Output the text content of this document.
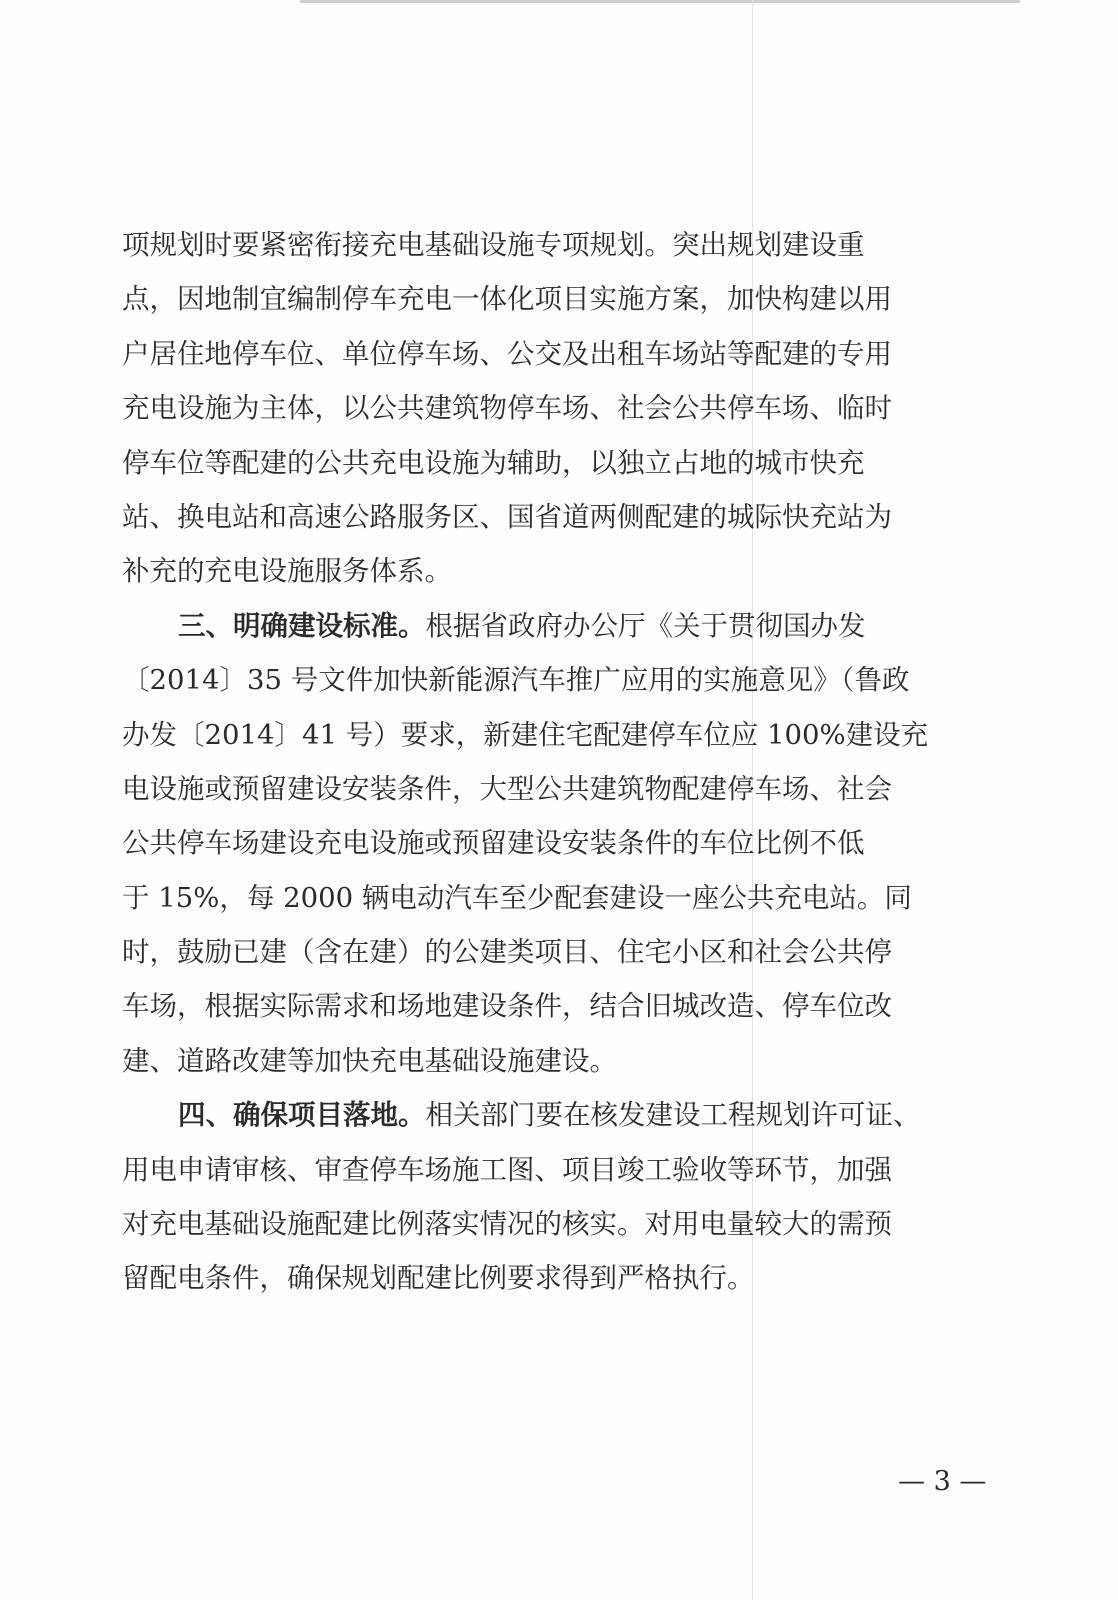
项规划时要紧密衔接充电基础设施专项规划。突出规划建设重
点，因地制宜编制停车充电一体化项目实施方案，加快构建以用
户居住地停车位、单位停车场、公交及出租车场站等配建的专用
充电设施为主体，以公共建筑物停车场、社会公共停车场、临时
停车位等配建的公共充电设施为辅助，以独立占地的城市快充
站、换电站和高速公路服务区、国省道两侧配建的城际快充站为
补充的充电设施服务体系。
三、明确建设标准。根据省政府办公厅《关于贯彻国办发
〔2014〕35 号文件加快新能源汽车推广应用的实施意见》（鲁政
办发〔2014〕41 号）要求，新建住宅配建停车位应 100%建设充
电设施或预留建设安装条件，大型公共建筑物配建停车场、社会
公共停车场建设充电设施或预留建设安装条件的车位比例不低
于 15%，每 2000 辆电动汽车至少配套建设一座公共充电站。同
时，鼓励已建（含在建）的公建类项目、住宅小区和社会公共停
车场，根据实际需求和场地建设条件，结合旧城改造、停车位改
建、道路改建等加快充电基础设施建设。
四、确保项目落地。相关部门要在核发建设工程规划许可证、
用电申请审核、审查停车场施工图、项目竣工验收等环节，加强
对充电基础设施配建比例落实情况的核实。对用电量较大的需预
留配电条件，确保规划配建比例要求得到严格执行。
— 3 —
